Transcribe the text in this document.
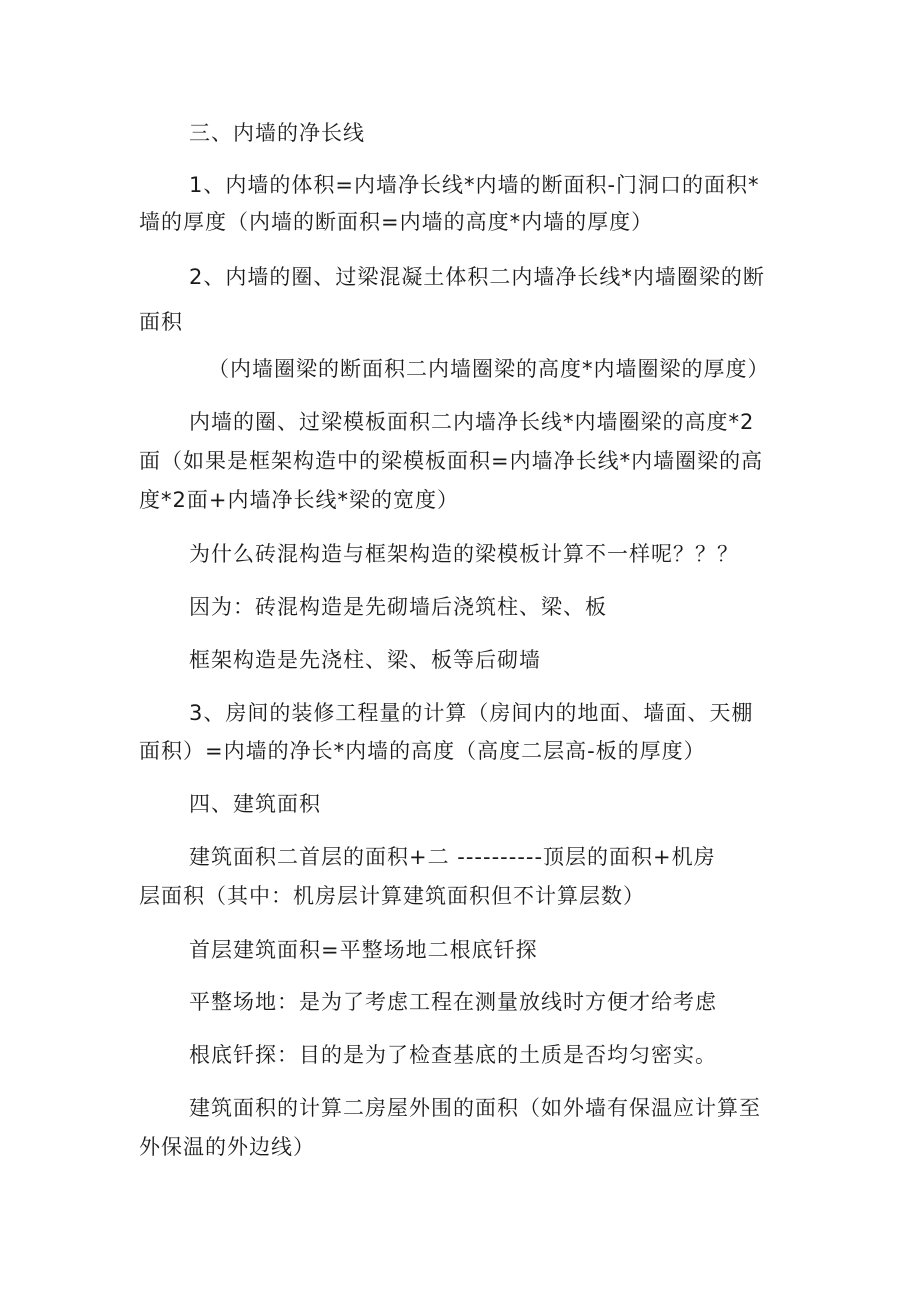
三、内墙的净长线
1、内墙的体积=内墙净长线*内墙的断面积-门洞口的面积*
墙的厚度（内墙的断面积=内墙的高度*内墙的厚度）
2、内墙的圈、过梁混凝土体积二内墙净长线*内墙圈梁的断
面积
（内墙圈梁的断面积二内墙圈梁的高度*内墙圈梁的厚度）
内墙的圈、过梁模板面积二内墙净长线*内墙圈梁的高度*2
面（如果是框架构造中的梁模板面积=内墙净长线*内墙圈梁的高
度*2面+内墙净长线*梁的宽度）
为什么砖混构造与框架构造的梁模板计算不一样呢？？？
因为：砖混构造是先砌墙后浇筑柱、梁、板
框架构造是先浇柱、梁、板等后砌墙
3、房间的装修工程量的计算（房间内的地面、墙面、天棚
面积）=内墙的净长*内墙的高度（高度二层高-板的厚度）
四、建筑面积
建筑面积二首层的面积+二 ----------顶层的面积+机房
层面积（其中：机房层计算建筑面积但不计算层数）
首层建筑面积=平整场地二根底钎探
平整场地：是为了考虑工程在测量放线时方便才给考虑
根底钎探：目的是为了检查基底的土质是否均匀密实。
建筑面积的计算二房屋外围的面积（如外墙有保温应计算至
外保温的外边线）
